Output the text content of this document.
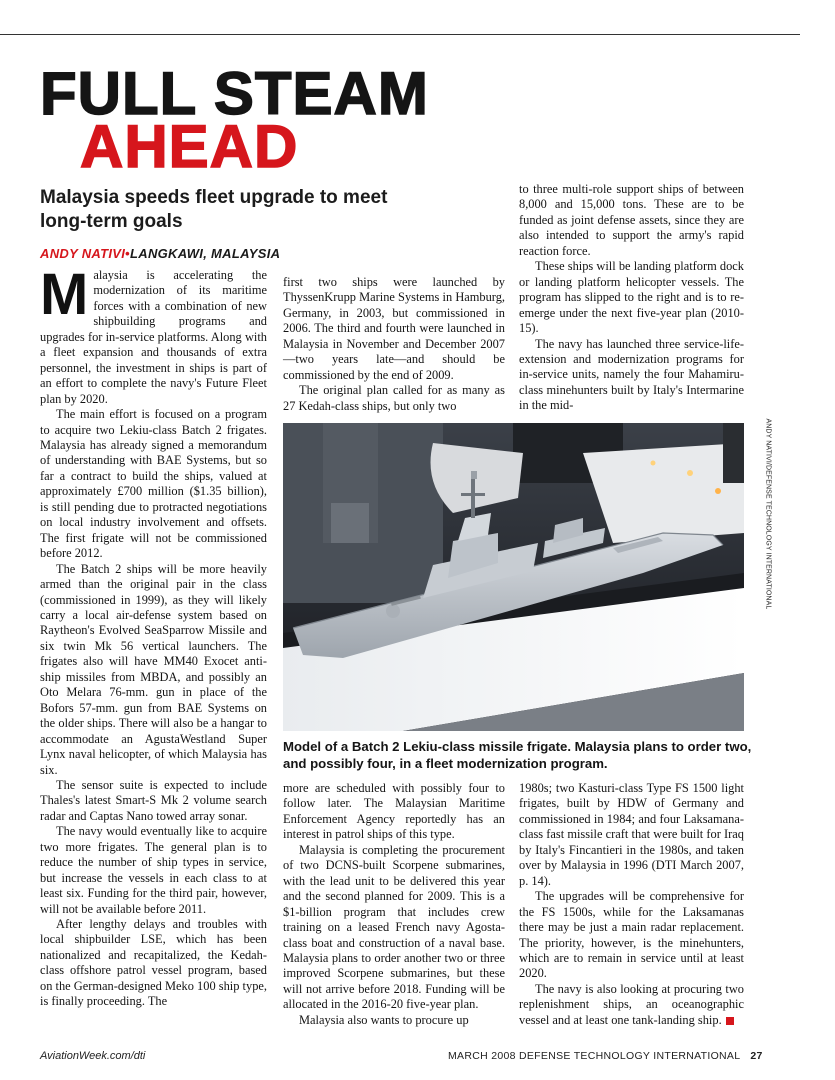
FULL STEAM
AHEAD

Malaysia speeds fleet upgrade to meet long-term goals

ANDY NATIVI•LANGKAWI, MALAYSIA

M alaysia is accelerating the modernization of its maritime forces with a combination of new shipbuilding programs and upgrades for in-service platforms. Along with a fleet expansion and thousands of extra personnel, the investment in ships is part of an effort to complete the navy's Future Fleet plan by 2020.

The main effort is focused on a program to acquire two Lekiu-class Batch 2 frigates. Malaysia has already signed a memorandum of understanding with BAE Systems, but so far a contract to build the ships, valued at approximately £700 million ($1.35 billion), is still pending due to protracted negotiations on local industry involvement and offsets. The first frigate will not be commissioned before 2012.

The Batch 2 ships will be more heavily armed than the original pair in the class (commissioned in 1999), as they will likely carry a local air-defense system based on Raytheon's Evolved SeaSparrow Missile and six twin Mk 56 vertical launchers. The frigates also will have MM40 Exocet anti-ship missiles from MBDA, and possibly an Oto Melara 76-mm. gun in place of the Bofors 57-mm. gun from BAE Systems on the older ships. There will also be a hangar to accommodate an AgustaWestland Super Lynx naval helicopter, of which Malaysia has six.

The sensor suite is expected to include Thales's latest Smart-S Mk 2 volume search radar and Captas Nano towed array sonar.

The navy would eventually like to acquire two more frigates. The general plan is to reduce the number of ship types in service, but increase the vessels in each class to at least six. Funding for the third pair, however, will not be available before 2011.

After lengthy delays and troubles with local shipbuilder LSE, which has been nationalized and recapitalized, the Kedah-class offshore patrol vessel program, based on the German-designed Meko 100 ship type, is finally proceeding. The

first two ships were launched by ThyssenKrupp Marine Systems in Hamburg, Germany, in 2003, but commissioned in 2006. The third and fourth were launched in Malaysia in November and December 2007—two years late—and should be commissioned by the end of 2009.

The original plan called for as many as 27 Kedah-class ships, but only two

to three multi-role support ships of between 8,000 and 15,000 tons. These are to be funded as joint defense assets, since they are also intended to support the army's rapid reaction force.

These ships will be landing platform dock or landing platform helicopter vessels. The program has slipped to the right and is to re-emerge under the next five-year plan (2010-15).

The navy has launched three service-life-extension and modernization programs for in-service units, namely the four Mahamiru-class minehunters built by Italy's Intermarine in the mid-

ANDY NATIVI/DEFENSE TECHNOLOGY INTERNATIONAL

Model of a Batch 2 Lekiu-class missile frigate. Malaysia plans to order two, and possibly four, in a fleet modernization program.

more are scheduled with possibly four to follow later. The Malaysian Maritime Enforcement Agency reportedly has an interest in patrol ships of this type.

Malaysia is completing the procurement of two DCNS-built Scorpene submarines, with the lead unit to be delivered this year and the second planned for 2009. This is a $1-billion program that includes crew training on a leased French navy Agosta-class boat and construction of a naval base. Malaysia plans to order another two or three improved Scorpene submarines, but these will not arrive before 2018. Funding will be allocated in the 2016-20 five-year plan.

Malaysia also wants to procure up

1980s; two Kasturi-class Type FS 1500 light frigates, built by HDW of Germany and commissioned in 1984; and four Laksamana-class fast missile craft that were built for Iraq by Italy's Fincantieri in the 1980s, and taken over by Malaysia in 1996 (DTI March 2007, p. 14).

The upgrades will be comprehensive for the FS 1500s, while for the Laksamanas there may be just a main radar replacement. The priority, however, is the minehunters, which are to remain in service until at least 2020.

The navy is also looking at procuring two replenishment ships, an oceanographic vessel and at least one tank-landing ship.

AviationWeek.com/dti	MARCH 2008 DEFENSE TECHNOLOGY INTERNATIONAL 27
